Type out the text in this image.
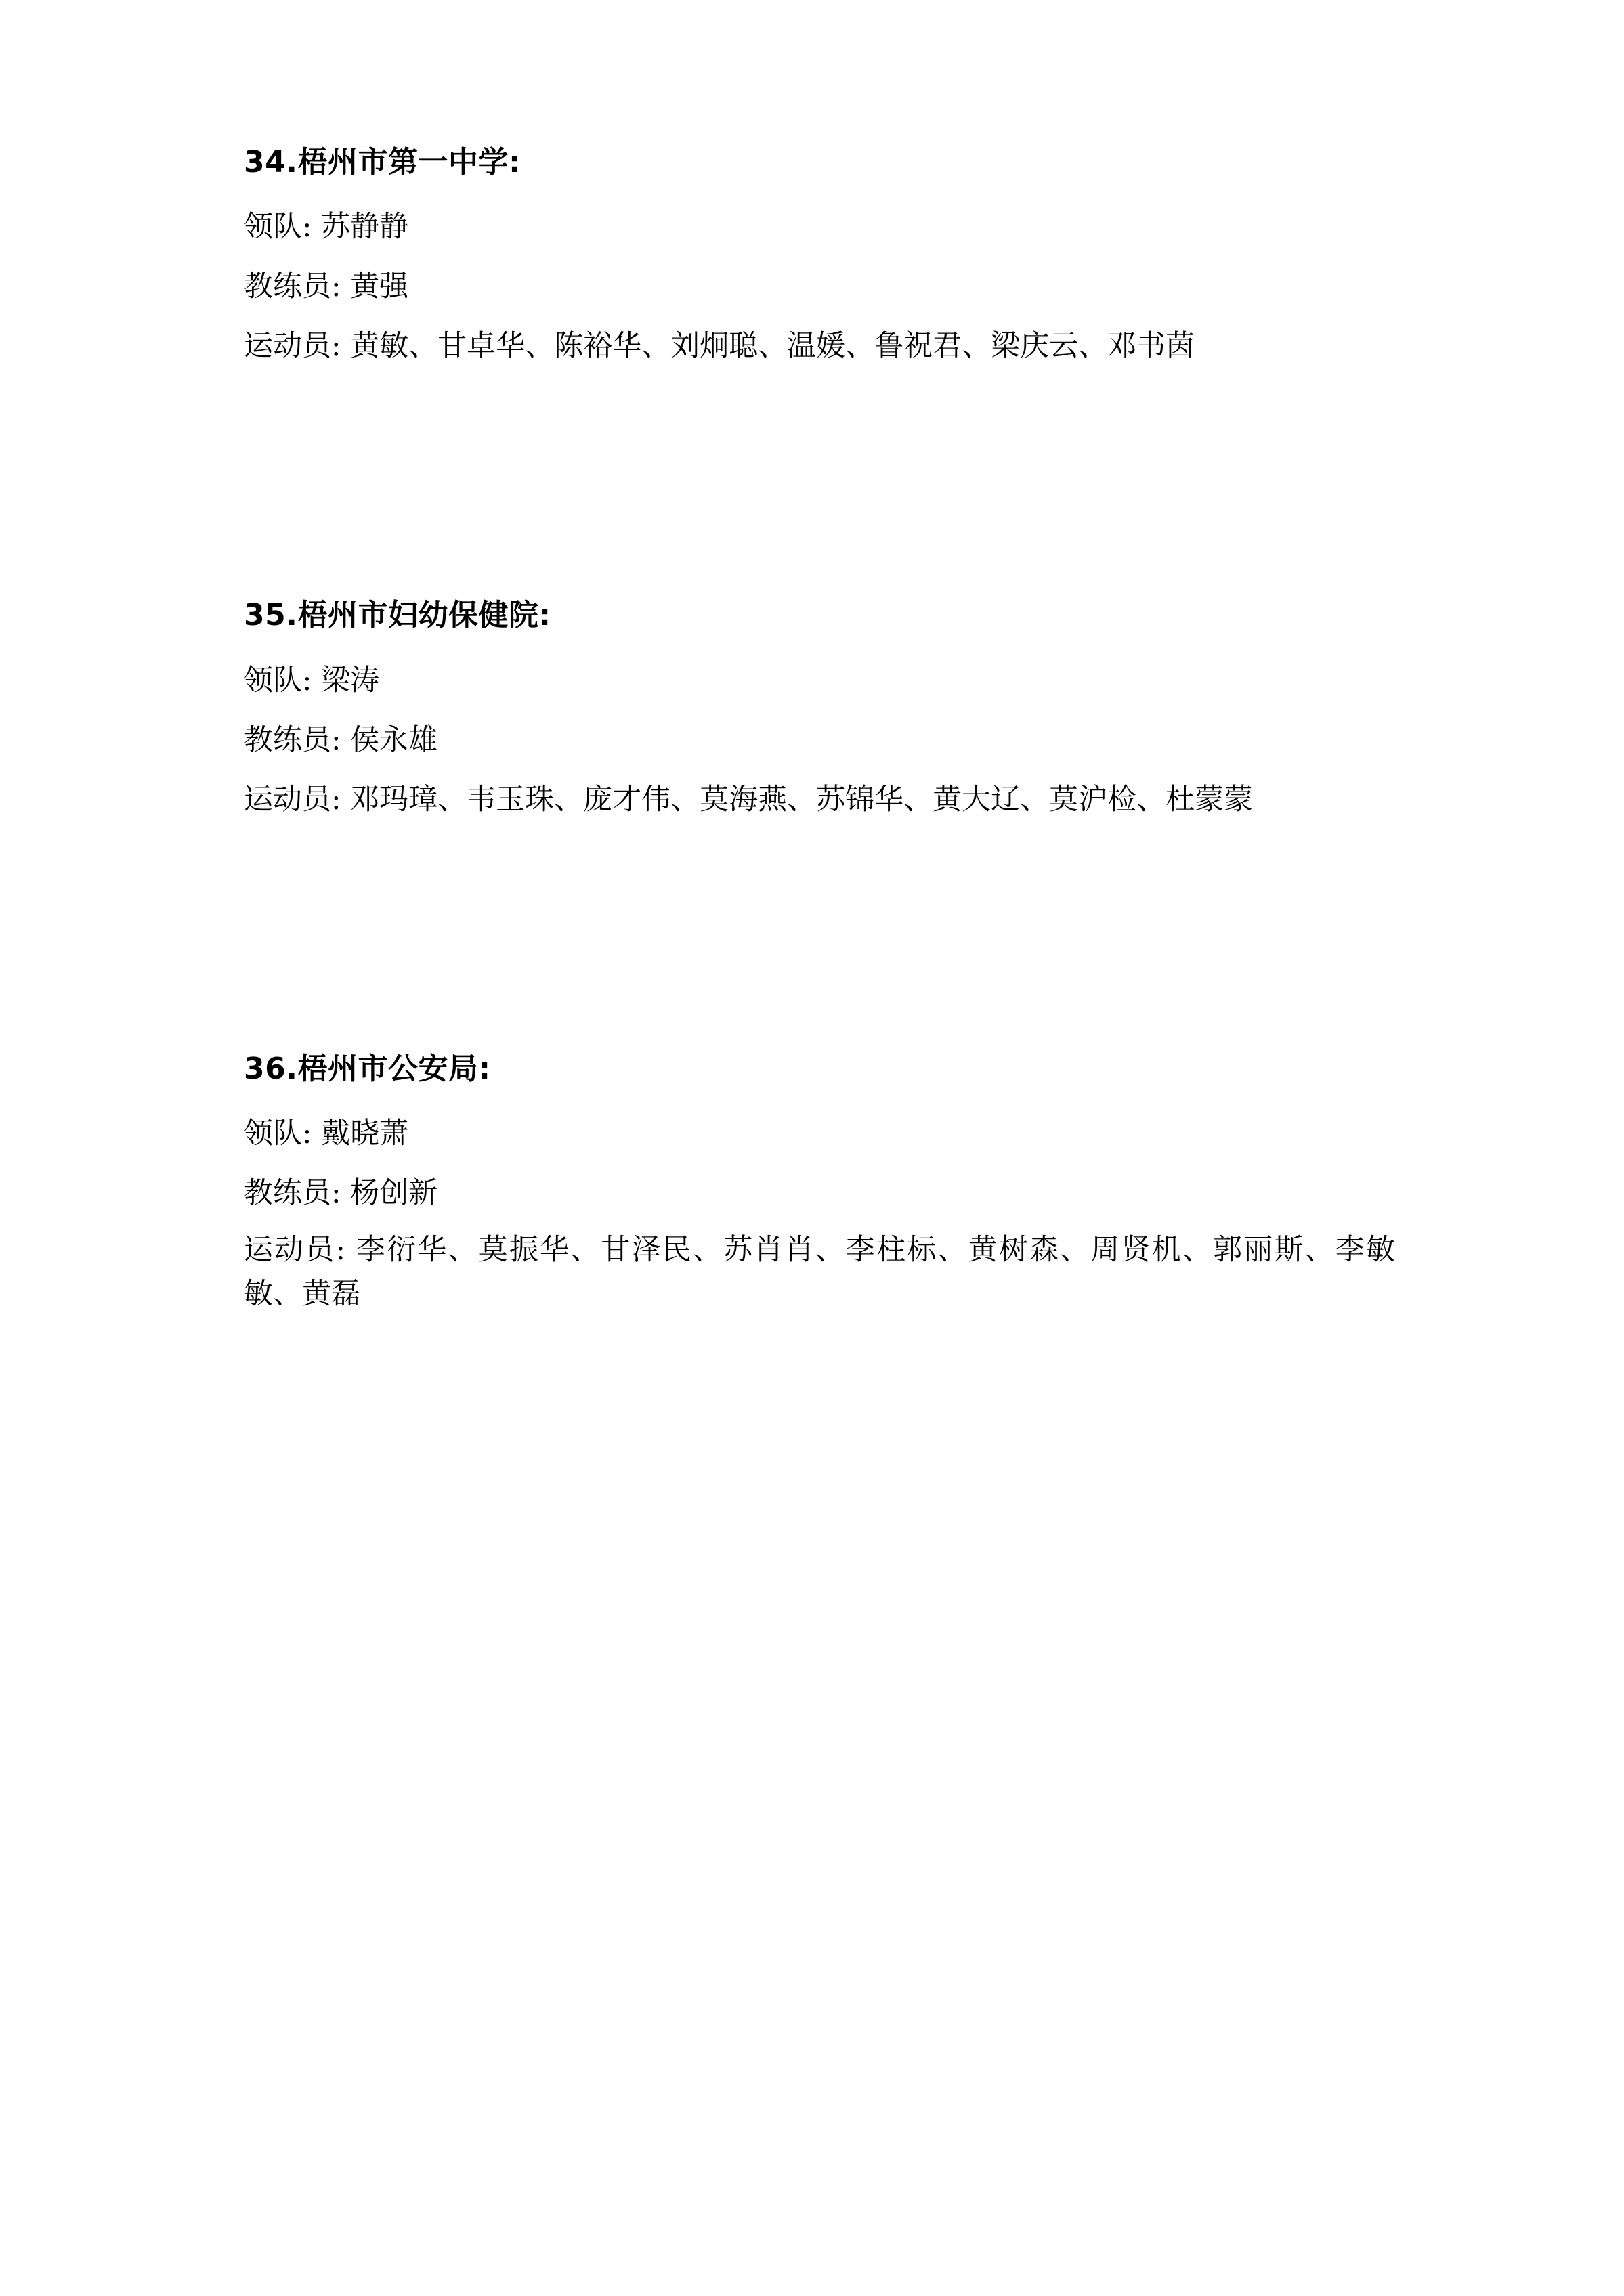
34.梧州市第一中学:

领队: 苏静静

教练员: 黄强

运动员: 黄敏、甘卓华、陈裕华、刘炯聪、温媛、鲁祝君、梁庆云、邓书茵

35.梧州市妇幼保健院:

领队: 梁涛

教练员: 侯永雄

运动员: 邓玛璋、韦玉珠、庞才伟、莫海燕、苏锦华、黄大辽、莫沪检、杜蒙蒙

36.梧州市公安局:

领队: 戴晓萧

教练员: 杨创新

运动员: 李衍华、莫振华、甘泽民、苏肖肖、李柱标、黄树森、周贤机、郭丽斯、李敏敏、黄磊
